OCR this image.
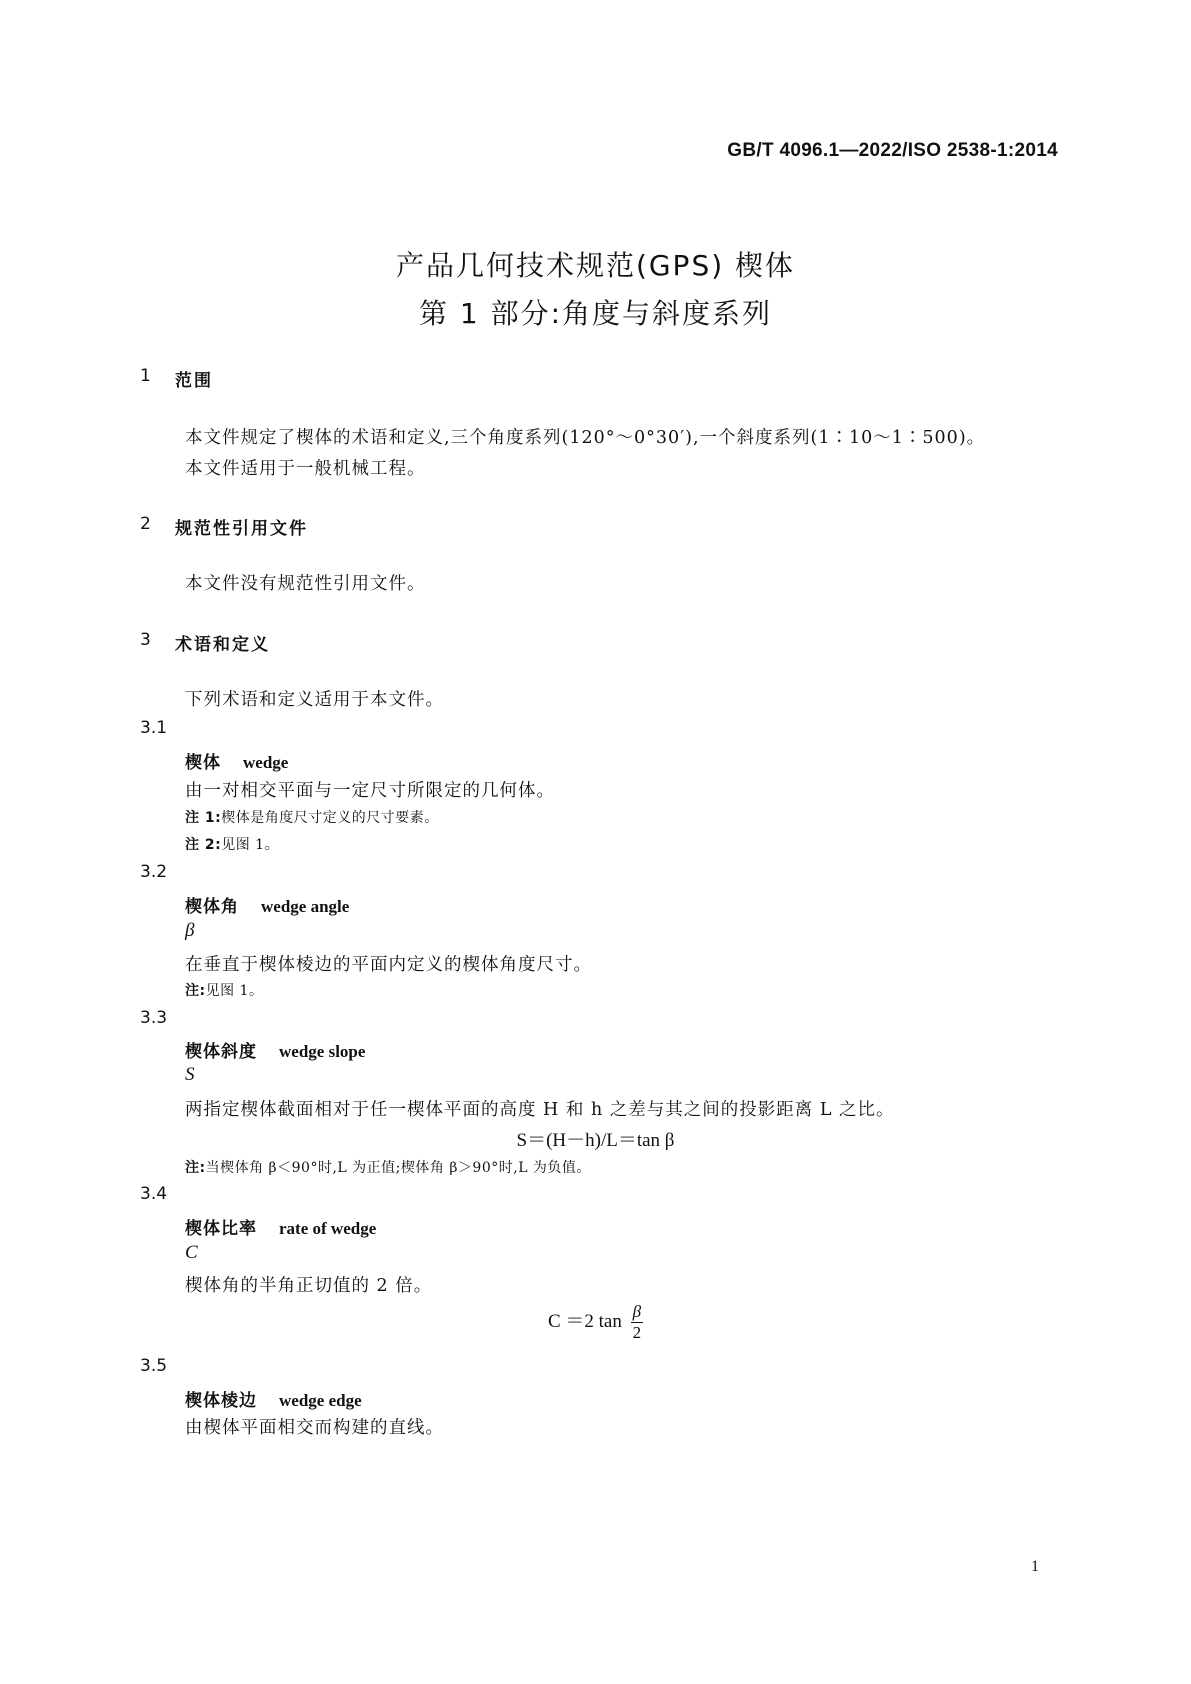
GB/T 4096.1—2022/ISO 2538-1:2014
产品几何技术规范(GPS) 楔体
第 1 部分:角度与斜度系列
1 范围
本文件规定了楔体的术语和定义,三个角度系列(120°～0°30′),一个斜度系列(1∶10～1∶500)。
本文件适用于一般机械工程。
2 规范性引用文件
本文件没有规范性引用文件。
3 术语和定义
下列术语和定义适用于本文件。
3.1
楔体 wedge
由一对相交平面与一定尺寸所限定的几何体。
注 1:楔体是角度尺寸定义的尺寸要素。
注 2:见图 1。
3.2
楔体角 wedge angle
β
在垂直于楔体棱边的平面内定义的楔体角度尺寸。
注:见图 1。
3.3
楔体斜度 wedge slope
S
两指定楔体截面相对于任一楔体平面的高度 H 和 h 之差与其之间的投影距离 L 之比。
S＝(H－h)/L＝tan β
注:当楔体角 β＜90°时,L 为正值;楔体角 β＞90°时,L 为负值。
3.4
楔体比率 rate of wedge
C
楔体角的半角正切值的 2 倍。
C ＝2 $\tan \frac{\beta}{2}$
3.5
楔体棱边 wedge edge
由楔体平面相交而构建的直线。
1
